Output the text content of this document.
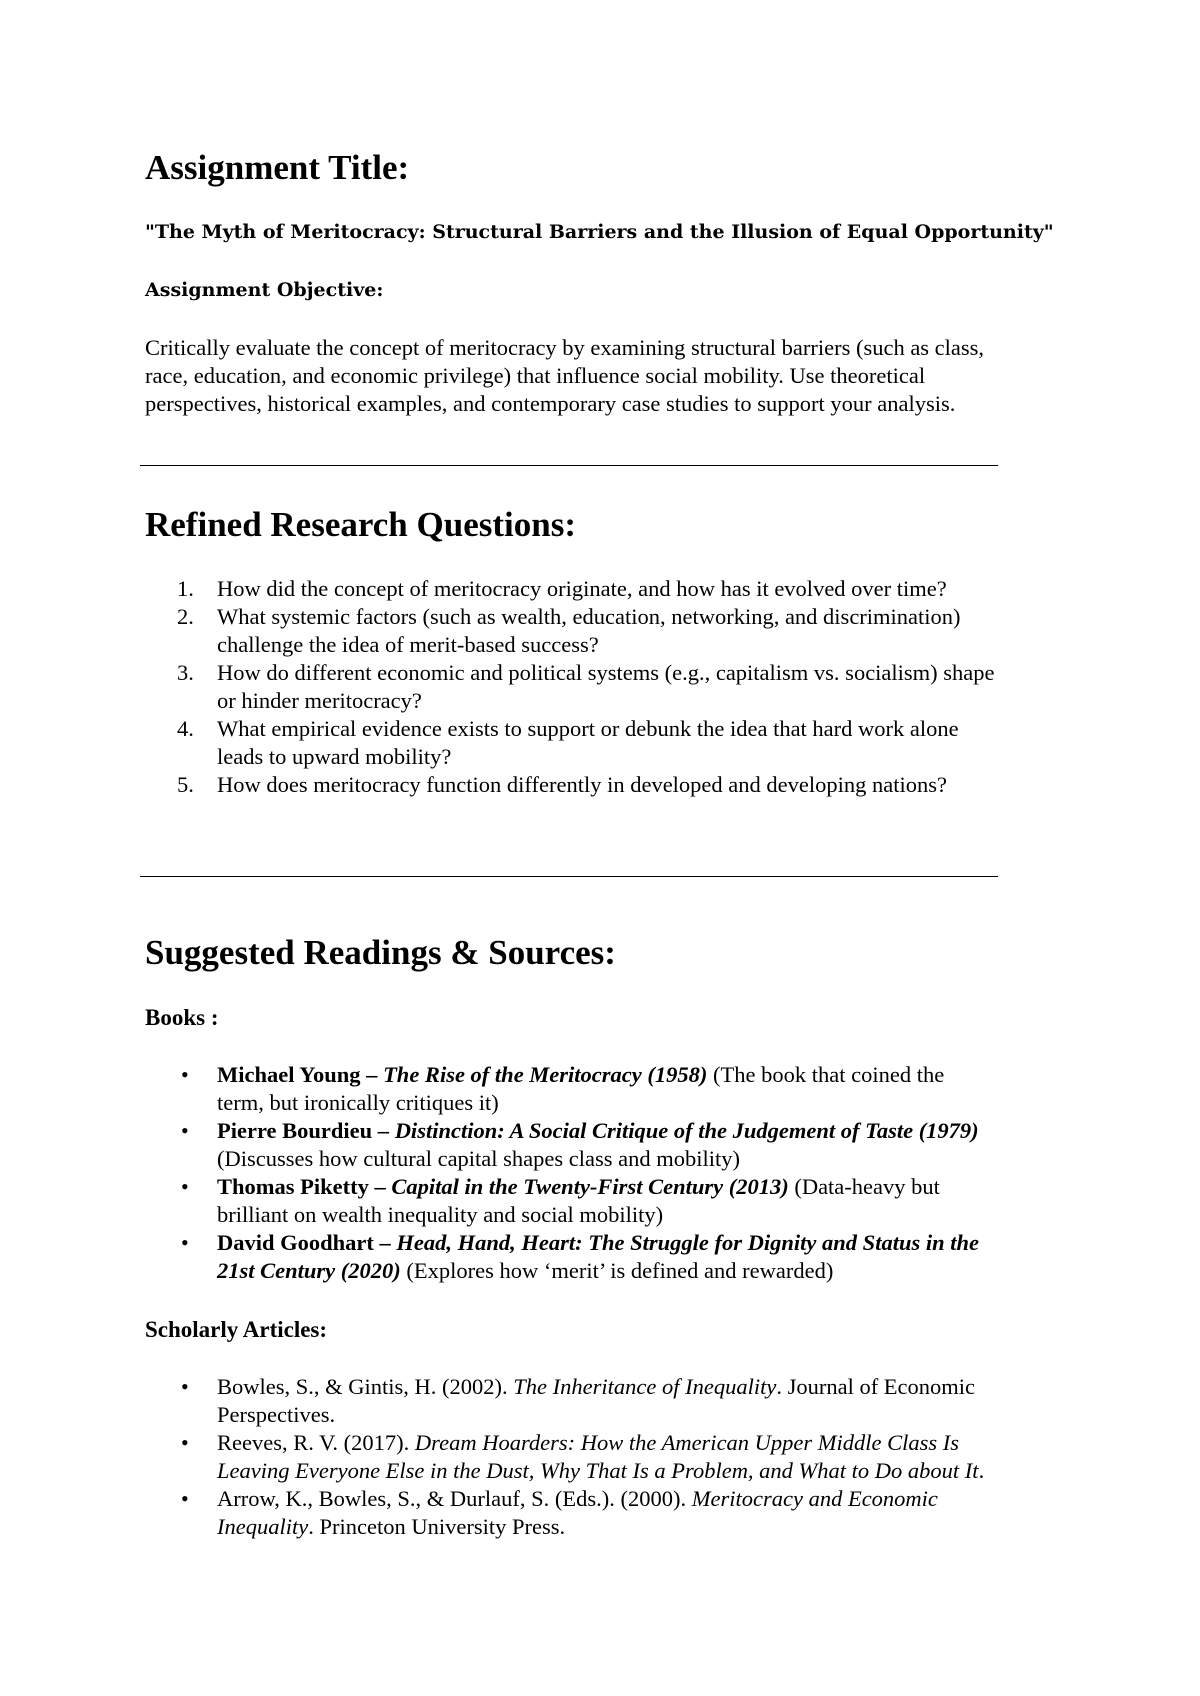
Assignment Title:
"The Myth of Meritocracy: Structural Barriers and the Illusion of Equal Opportunity"
Assignment Objective:
Critically evaluate the concept of meritocracy by examining structural barriers (such as class,
race, education, and economic privilege) that influence social mobility. Use theoretical
perspectives, historical examples, and contemporary case studies to support your analysis.
Refined Research Questions:
1. How did the concept of meritocracy originate, and how has it evolved over time?
2. What systemic factors (such as wealth, education, networking, and discrimination)
challenge the idea of merit-based success?
3. How do different economic and political systems (e.g., capitalism vs. socialism) shape
or hinder meritocracy?
4. What empirical evidence exists to support or debunk the idea that hard work alone
leads to upward mobility?
5. How does meritocracy function differently in developed and developing nations?
Suggested Readings & Sources:
Books :
• Michael Young – The Rise of the Meritocracy (1958) (The book that coined the
term, but ironically critiques it)
• Pierre Bourdieu – Distinction: A Social Critique of the Judgement of Taste (1979)
(Discusses how cultural capital shapes class and mobility)
• Thomas Piketty – Capital in the Twenty-First Century (2013) (Data-heavy but
brilliant on wealth inequality and social mobility)
• David Goodhart – Head, Hand, Heart: The Struggle for Dignity and Status in the
21st Century (2020) (Explores how ‘merit’ is defined and rewarded)
Scholarly Articles:
• Bowles, S., & Gintis, H. (2002). The Inheritance of Inequality. Journal of Economic
Perspectives.
• Reeves, R. V. (2017). Dream Hoarders: How the American Upper Middle Class Is
Leaving Everyone Else in the Dust, Why That Is a Problem, and What to Do about It.
• Arrow, K., Bowles, S., & Durlauf, S. (Eds.). (2000). Meritocracy and Economic
Inequality. Princeton University Press.
